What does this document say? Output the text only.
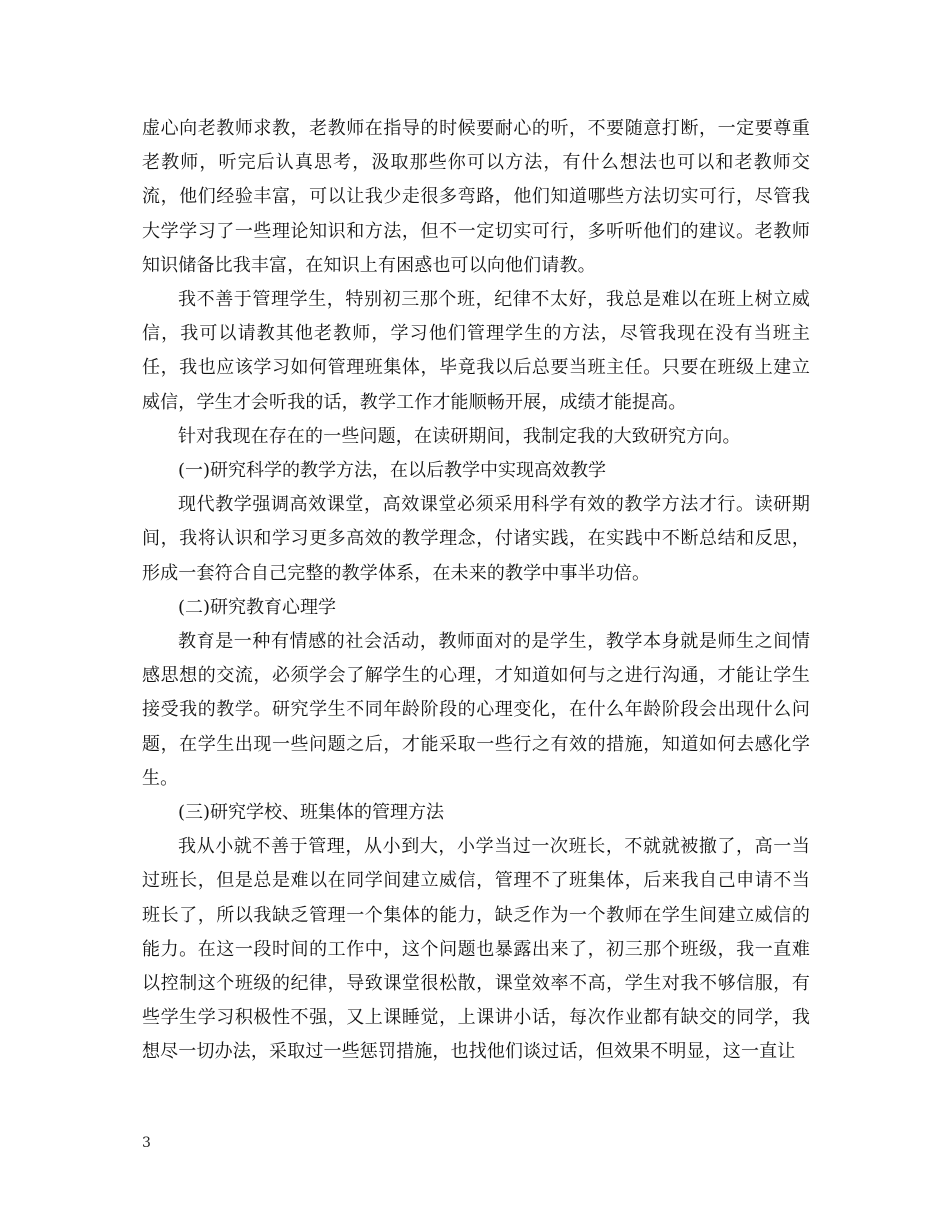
虚心向老教师求教，老教师在指导的时候要耐心的听，不要随意打断，一定要尊重老教师，听完后认真思考，汲取那些你可以方法，有什么想法也可以和老教师交流，他们经验丰富，可以让我少走很多弯路，他们知道哪些方法切实可行，尽管我大学学习了一些理论知识和方法，但不一定切实可行，多听听他们的建议。老教师知识储备比我丰富，在知识上有困惑也可以向他们请教。

我不善于管理学生，特别初三那个班，纪律不太好，我总是难以在班上树立威信，我可以请教其他老教师，学习他们管理学生的方法，尽管我现在没有当班主任，我也应该学习如何管理班集体，毕竟我以后总要当班主任。只要在班级上建立威信，学生才会听我的话，教学工作才能顺畅开展，成绩才能提高。

针对我现在存在的一些问题，在读研期间，我制定我的大致研究方向。

(一)研究科学的教学方法，在以后教学中实现高效教学

现代教学强调高效课堂，高效课堂必须采用科学有效的教学方法才行。读研期间，我将认识和学习更多高效的教学理念，付诸实践，在实践中不断总结和反思，形成一套符合自己完整的教学体系，在未来的教学中事半功倍。

(二)研究教育心理学

教育是一种有情感的社会活动，教师面对的是学生，教学本身就是师生之间情感思想的交流，必须学会了解学生的心理，才知道如何与之进行沟通，才能让学生接受我的教学。研究学生不同年龄阶段的心理变化，在什么年龄阶段会出现什么问题，在学生出现一些问题之后，才能采取一些行之有效的措施，知道如何去感化学生。

(三)研究学校、班集体的管理方法

我从小就不善于管理，从小到大，小学当过一次班长，不就就被撤了，高一当过班长，但是总是难以在同学间建立威信，管理不了班集体，后来我自己申请不当班长了，所以我缺乏管理一个集体的能力，缺乏作为一个教师在学生间建立威信的能力。在这一段时间的工作中，这个问题也暴露出来了，初三那个班级，我一直难以控制这个班级的纪律，导致课堂很松散，课堂效率不高，学生对我不够信服，有些学生学习积极性不强，又上课睡觉，上课讲小话，每次作业都有缺交的同学，我想尽一切办法，采取过一些惩罚措施，也找他们谈过话，但效果不明显，这一直让

3
